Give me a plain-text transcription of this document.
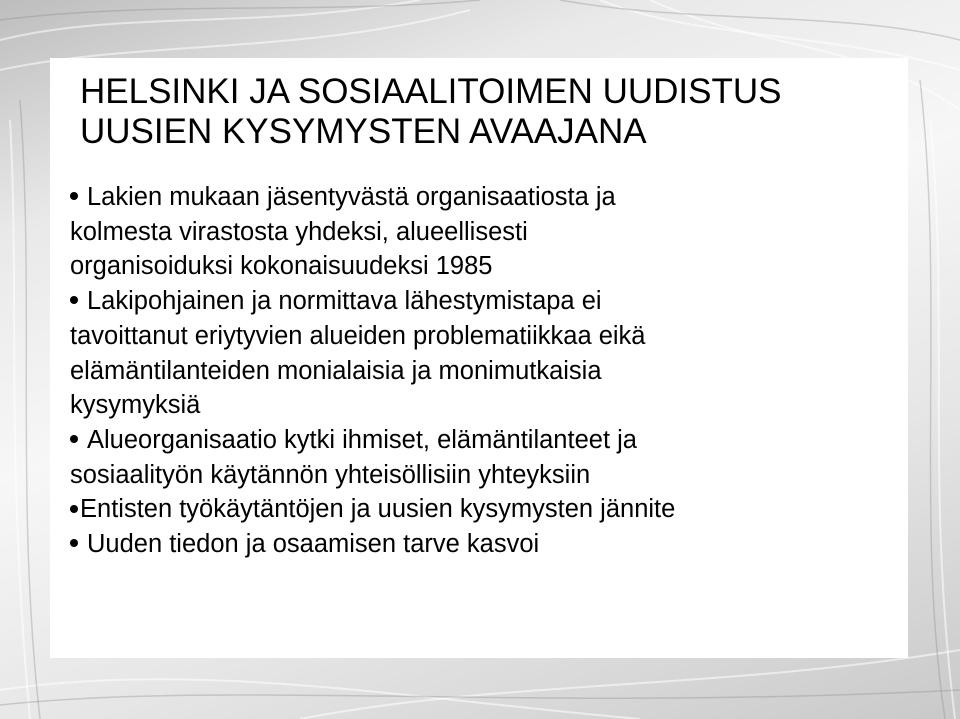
HELSINKI JA SOSIAALITOIMEN UUDISTUS
UUSIEN KYSYMYSTEN AVAAJANA
Lakien mukaan jäsentyvästä organisaatiosta ja
kolmesta virastosta yhdeksi, alueellisesti
organisoiduksi kokonaisuudeksi 1985
Lakipohjainen ja normittava lähestymistapa ei
tavoittanut eriytyvien alueiden problematiikkaa eikä
elämäntilanteiden monialaisia ja monimutkaisia
kysymyksiä
Alueorganisaatio kytki ihmiset, elämäntilanteet ja
sosiaalityön käytännön yhteisöllisiin yhteyksiin
Entisten työkäytäntöjen ja uusien kysymysten jännite
Uuden tiedon ja osaamisen tarve kasvoi
